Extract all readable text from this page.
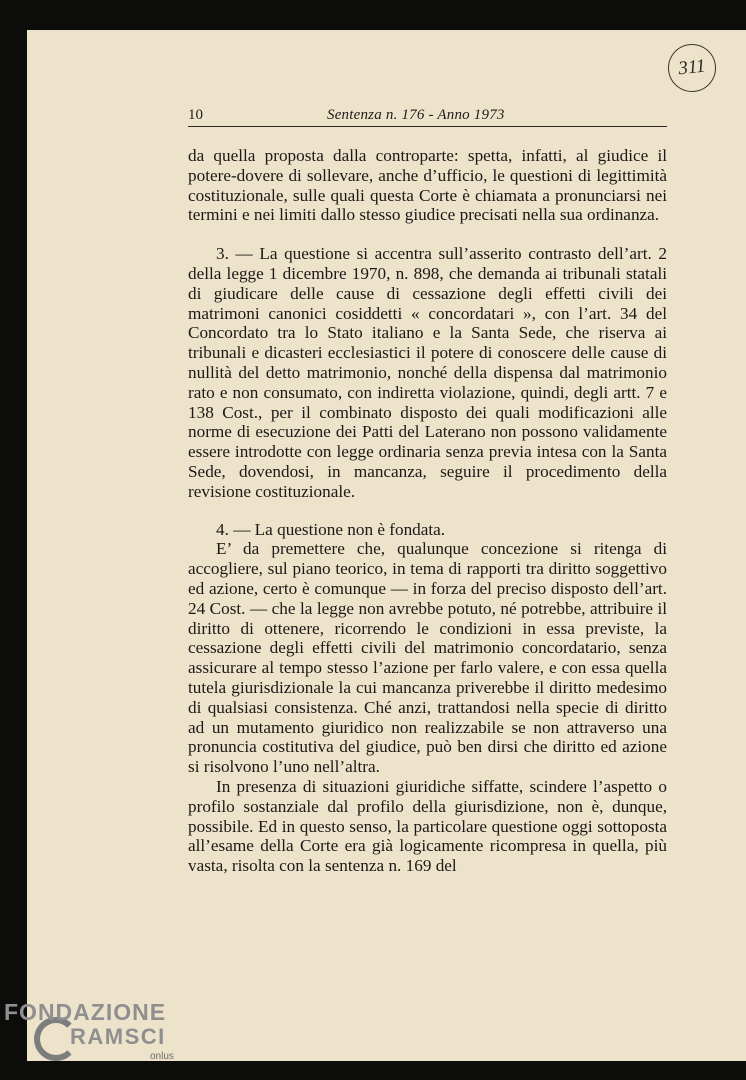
311
10	Sentenza n. 176 - Anno 1973

da quella proposta dalla controparte: spetta, infatti, al giudice il potere-dovere di sollevare, anche d’ufficio, le questioni di legittimità costituzionale, sulle quali questa Corte è chiamata a pronunciarsi nei termini e nei limiti dallo stesso giudice precisati nella sua ordinanza.

3. — La questione si accentra sull’asserito contrasto dell’art. 2 della legge 1 dicembre 1970, n. 898, che demanda ai tribunali statali di giudicare delle cause di cessazione degli effetti civili dei matrimoni canonici cosiddetti « concordatari », con l’art. 34 del Concordato tra lo Stato italiano e la Santa Sede, che riserva ai tribunali e dicasteri ecclesiastici il potere di conoscere delle cause di nullità del detto matrimonio, nonché della dispensa dal matrimonio rato e non consumato, con indiretta violazione, quindi, degli artt. 7 e 138 Cost., per il combinato disposto dei quali modificazioni alle norme di esecuzione dei Patti del Laterano non possono validamente essere introdotte con legge ordinaria senza previa intesa con la Santa Sede, dovendosi, in mancanza, seguire il procedimento della revisione costituzionale.

4. — La questione non è fondata.

E’ da premettere che, qualunque concezione si ritenga di accogliere, sul piano teorico, in tema di rapporti tra diritto soggettivo ed azione, certo è comunque — in forza del preciso disposto dell’art. 24 Cost. — che la legge non avrebbe potuto, né potrebbe, attribuire il diritto di ottenere, ricorrendo le condizioni in essa previste, la cessazione degli effetti civili del matrimonio concordatario, senza assicurare al tempo stesso l’azione per farlo valere, e con essa quella tutela giurisdizionale la cui mancanza priverebbe il diritto medesimo di qualsiasi consistenza. Ché anzi, trattandosi nella specie di diritto ad un mutamento giuridico non realizzabile se non attraverso una pronuncia costitutiva del giudice, può ben dirsi che diritto ed azione si risolvono l’uno nell’altra.

In presenza di situazioni giuridiche siffatte, scindere l’aspetto o profilo sostanziale dal profilo della giurisdizione, non è, dunque, possibile. Ed in questo senso, la particolare questione oggi sottoposta all’esame della Corte era già logicamente ricompresa in quella, più vasta, risolta con la sentenza n. 169 del

FONDAZIONE
RAMSCI
onlus
